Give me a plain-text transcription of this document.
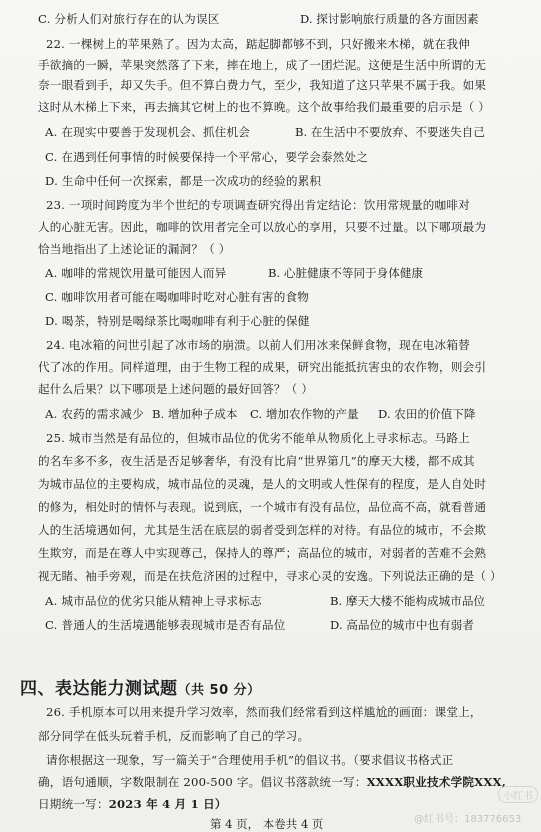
C. 分析人们对旅行存在的认为误区	D. 探讨影响旅行质量的各方面因素
22. 一棵树上的苹果熟了。因为太高，踮起脚都够不到，只好搬来木梯，就在我伸
手欲摘的一瞬，苹果突然落了下来，摔在地上，成了一团烂泥。这便是生活中所谓的无
奈一眼看到手，却又失手。但不算白费力气，至少，我知道了这只苹果不属于我。如果
这时从木梯上下来，再去摘其它树上的也不算晚。这个故事给我们最重要的启示是（ ）
A. 在现实中要善于发现机会、抓住机会	B. 在生活中不要放弃、不要迷失自己
C. 在遇到任何事情的时候要保持一个平常心，要学会泰然处之
D. 生命中任何一次探索，都是一次成功的经验的累积
23. 一项时间跨度为半个世纪的专项调查研究得出肯定结论：饮用常规量的咖啡对
人的心脏无害。因此，咖啡的饮用者完全可以放心的享用，只要不过量。以下哪项最为
恰当地指出了上述论证的漏洞？（ ）
A. 咖啡的常规饮用量可能因人而异	B. 心脏健康不等同于身体健康
C. 咖啡饮用者可能在喝咖啡时吃对心脏有害的食物
D. 喝茶，特别是喝绿茶比喝咖啡有利于心脏的保健
24. 电冰箱的问世引起了冰市场的崩溃。以前人们用冰来保鲜食物，现在电冰箱替
代了冰的作用。同样道理，由于生物工程的成果，研究出能抵抗害虫的农作物，则会引
起什么后果？以下哪项是上述问题的最好回答？（ ）
A. 农药的需求减少 B. 增加种子成本 C. 增加农作物的产量 D. 农田的价值下降
25. 城市当然是有品位的，但城市品位的优劣不能单从物质化上寻求标志。马路上
的名车多不多，夜生活是否足够奢华，有没有比肩“世界第几”的摩天大楼，都不成其
为城市品位的主要构成，城市品位的灵魂，是人的文明或人性保有的程度，是人自处时
的修为，相处时的情怀与表现。说到底，一个城市有没有品位，品位高不高，就看普通
人的生活境遇如何，尤其是生活在底层的弱者受到怎样的对待。有品位的城市，不会欺
生欺穷，而是在尊人中实现尊己，保持人的尊严；高品位的城市，对弱者的苦难不会熟
视无睹、袖手旁观，而是在扶危济困的过程中，寻求心灵的安逸。下列说法正确的是（ ）
A. 城市品位的优劣只能从精神上寻求标志	B. 摩天大楼不能构成城市品位
C. 普通人的生活境遇能够表现城市是否有品位	D. 高品位的城市中也有弱者
四、表达能力测试题（共 50 分）
26. 手机原本可以用来提升学习效率，然而我们经常看到这样尴尬的画面：课堂上，
部分同学在低头玩着手机，反而影响了自己的学习。
请你根据这一现象，写一篇关于“合理使用手机”的倡议书。（要求倡议书格式正
确，语句通顺，字数限制在 200-500 字。倡议书落款统一写：XXXX职业技术学院XXX,
日期统一写：2023 年 4 月 1 日）
第 4 页， 本卷共 4 页
小红书
@红书号：183776653
